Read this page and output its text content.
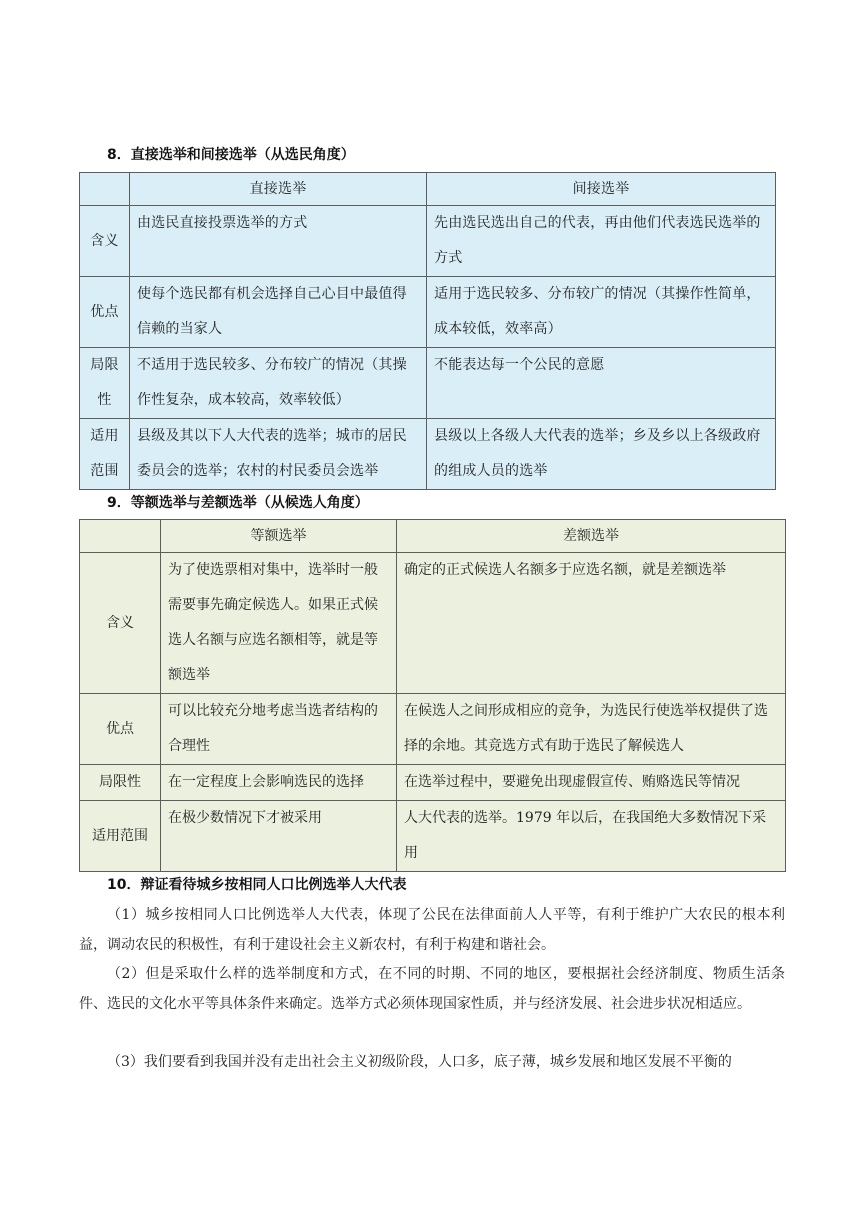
8．直接选举和间接选举（从选民角度）
	直接选举	间接选举
含义	由选民直接投票选举的方式	先由选民选出自己的代表，再由他们代表选民选举的方式
优点	使每个选民都有机会选择自己心目中最值得信赖的当家人	适用于选民较多、分布较广的情况（其操作性简单，成本较低，效率高）
局限性	不适用于选民较多、分布较广的情况（其操作性复杂，成本较高，效率较低）	不能表达每一个公民的意愿
适用范围	县级及其以下人大代表的选举；城市的居民委员会的选举；农村的村民委员会选举	县级以上各级人大代表的选举；乡及乡以上各级政府的组成人员的选举
9．等额选举与差额选举（从候选人角度）
	等额选举	差额选举
含义	为了使选票相对集中，选举时一般需要事先确定候选人。如果正式候选人名额与应选名额相等，就是等额选举	确定的正式候选人名额多于应选名额，就是差额选举
优点	可以比较充分地考虑当选者结构的合理性	在候选人之间形成相应的竞争，为选民行使选举权提供了选择的余地。其竞选方式有助于选民了解候选人
局限性	在一定程度上会影响选民的选择	在选举过程中，要避免出现虚假宣传、贿赂选民等情况
适用范围	在极少数情况下才被采用	人大代表的选举。1979 年以后，在我国绝大多数情况下采用
10．辩证看待城乡按相同人口比例选举人大代表

（1）城乡按相同人口比例选举人大代表，体现了公民在法律面前人人平等，有利于维护广大农民的根本利益，调动农民的积极性，有利于建设社会主义新农村，有利于构建和谐社会。

（2）但是采取什么样的选举制度和方式，在不同的时期、不同的地区，要根据社会经济制度、物质生活条件、选民的文化水平等具体条件来确定。选举方式必须体现国家性质，并与经济发展、社会进步状况相适应。

（3）我们要看到我国并没有走出社会主义初级阶段，人口多，底子薄，城乡发展和地区发展不平衡的
